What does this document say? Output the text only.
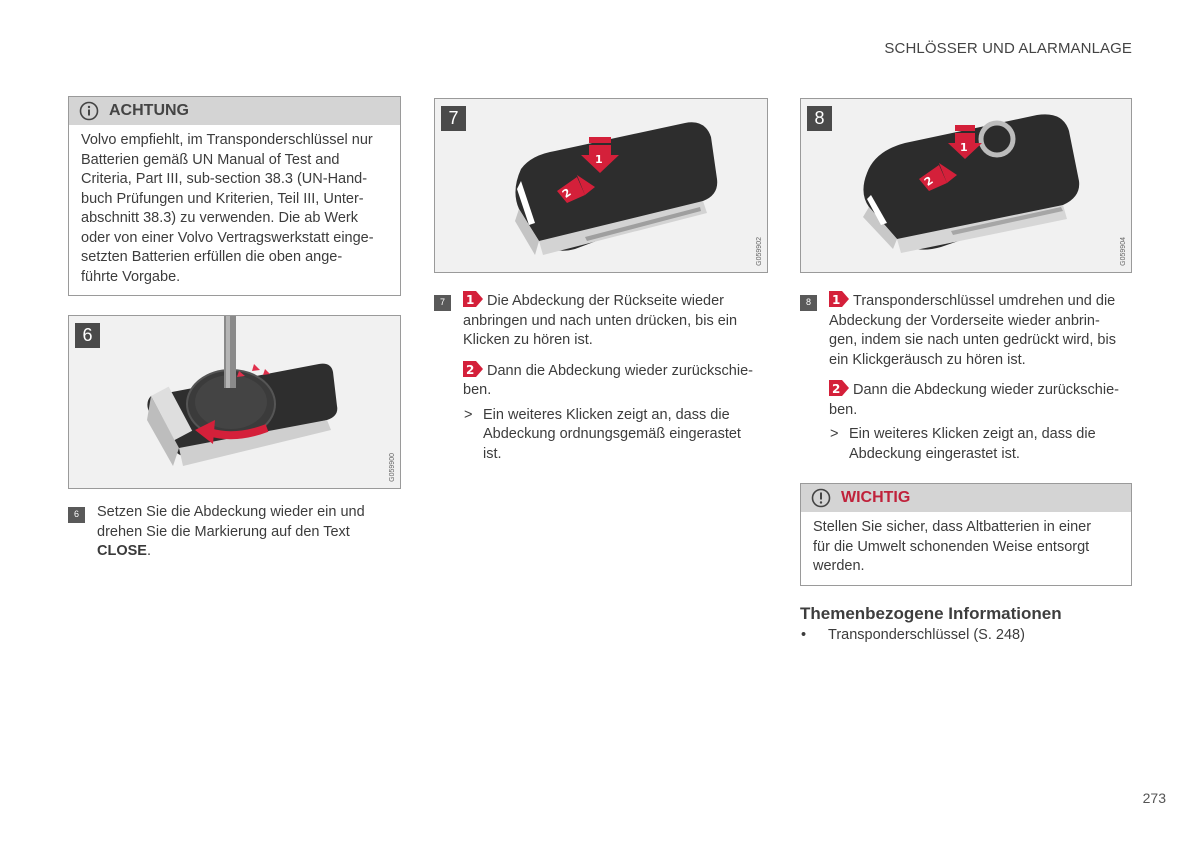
SCHLÖSSER UND ALARMANLAGE
ACHTUNG
Volvo empfiehlt, im Transponderschlüssel nur
Batterien gemäß UN Manual of Test and
Criteria, Part III, sub-section 38.3 (UN-Hand-
buch Prüfungen und Kriterien, Teil III, Unter-
abschnitt 38.3) zu verwenden. Die ab Werk
oder von einer Volvo Vertragswerkstatt einge-
setzten Batterien erfüllen die oben ange-
führte Vorgabe.
6
G059900
6	Setzen Sie die Abdeckung wieder ein und
drehen Sie die Markierung auf den Text
CLOSE.
1
2
7
G059902
7	1 Die Abdeckung der Rückseite wieder
anbringen und nach unten drücken, bis ein
Klicken zu hören ist.
2 Dann die Abdeckung wieder zurückschie-
ben.
> Ein weiteres Klicken zeigt an, dass die
Abdeckung ordnungsgemäß eingerastet
ist.
1
2
8
G059904
8	1 Transponderschlüssel umdrehen und die
Abdeckung der Vorderseite wieder anbrin-
gen, indem sie nach unten gedrückt wird, bis
ein Klickgeräusch zu hören ist.
2 Dann die Abdeckung wieder zurückschie-
ben.
> Ein weiteres Klicken zeigt an, dass die
Abdeckung eingerastet ist.
WICHTIG
Stellen Sie sicher, dass Altbatterien in einer
für die Umwelt schonenden Weise entsorgt
werden.
Themenbezogene Informationen
• Transponderschlüssel (S. 248)
273
